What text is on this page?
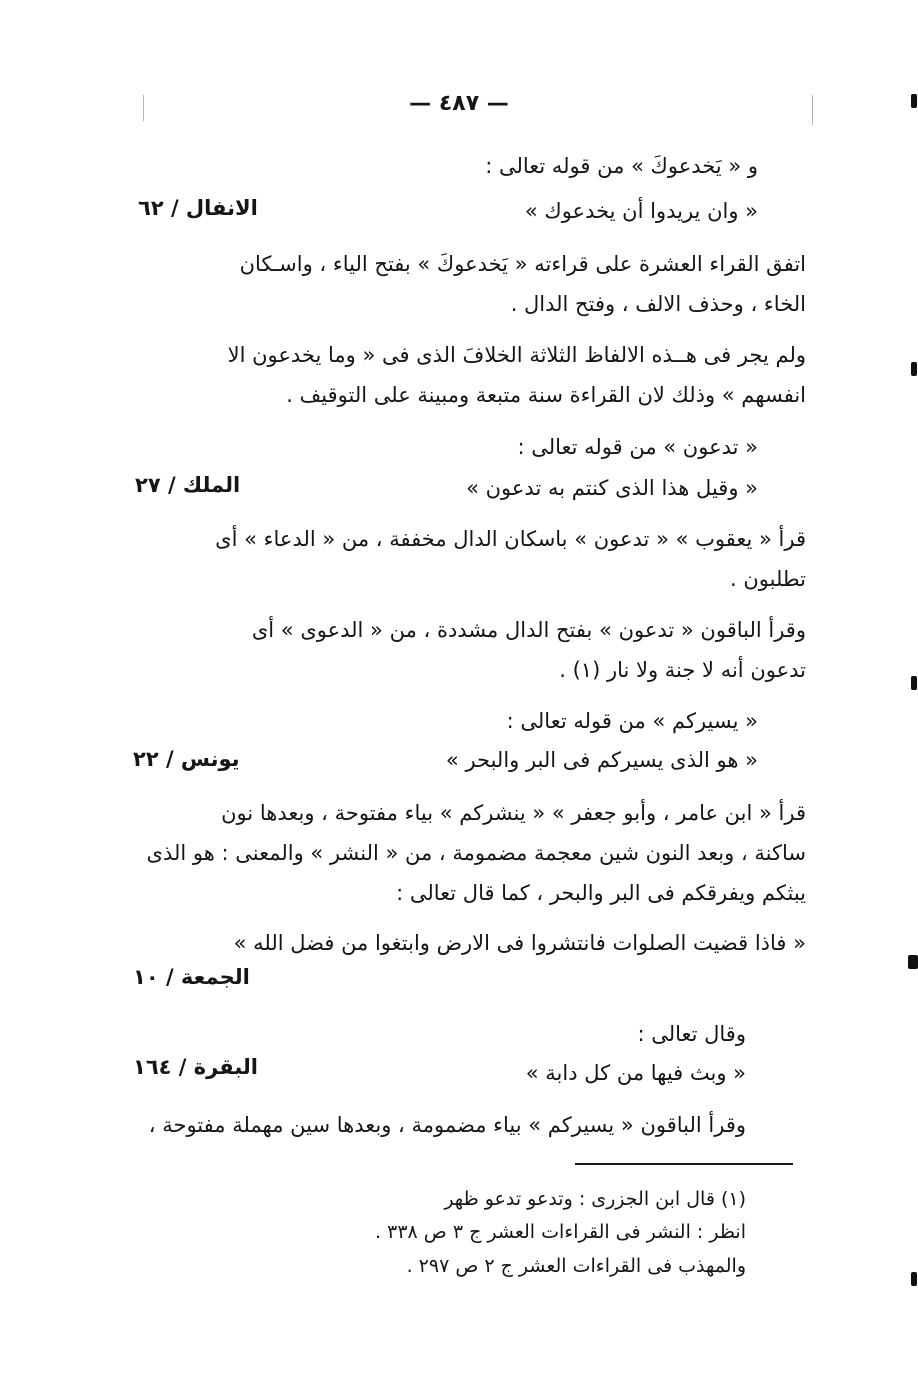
— ٤٨٧ —
و « يَخدعوكَ » من قوله تعالى :
« وان يريدوا أن يخدعوك »
الانفال / ٦٢
اتفق القراء العشرة على قراءته « يَخدعوكَ » بفتح الياء ، واسـكان
الخاء ، وحذف الالف ، وفتح الدال .
ولم يجر فى هــذه الالفاظ الثلاثة الخلافَ الذى فى « وما يخدعون الا
انفسهم » وذلك لان القراءة سنة متبعة ومبينة على التوقيف .
« تدعون » من قوله تعالى :
« وقيل هذا الذى كنتم به تدعون »
الملك / ٢٧
قرأ « يعقوب » « تدعون » باسكان الدال مخففة ، من « الدعاء » أى
تطلبون .
وقرأ الباقون « تدعون » بفتح الدال مشددة ، من « الدعوى » أى
تدعون أنه لا جنة ولا نار (١) .
« يسيركم » من قوله تعالى :
« هو الذى يسيركم فى البر والبحر »
يونس / ٢٢
قرأ « ابن عامر ، وأبو جعفر » « ينشركم » بياء مفتوحة ، وبعدها نون
ساكنة ، وبعد النون شين معجمة مضمومة ، من « النشر » والمعنى : هو الذى
يبثكم ويفرقكم فى البر والبحر ، كما قال تعالى :
« فاذا قضيت الصلوات فانتشروا فى الارض وابتغوا من فضل الله »
الجمعة / ١٠
وقال تعالى :
« وبث فيها من كل دابة »
البقرة / ١٦٤
وقرأ الباقون « يسيركم » بياء مضمومة ، وبعدها سين مهملة مفتوحة ،
(١) قال ابن الجزرى : وتدعو تدعو ظهر
انظر : النشر فى القراءات العشر ج ٣ ص ٣٣٨ .
والمهذب فى القراءات العشر ج ٢ ص ٢٩٧ .
